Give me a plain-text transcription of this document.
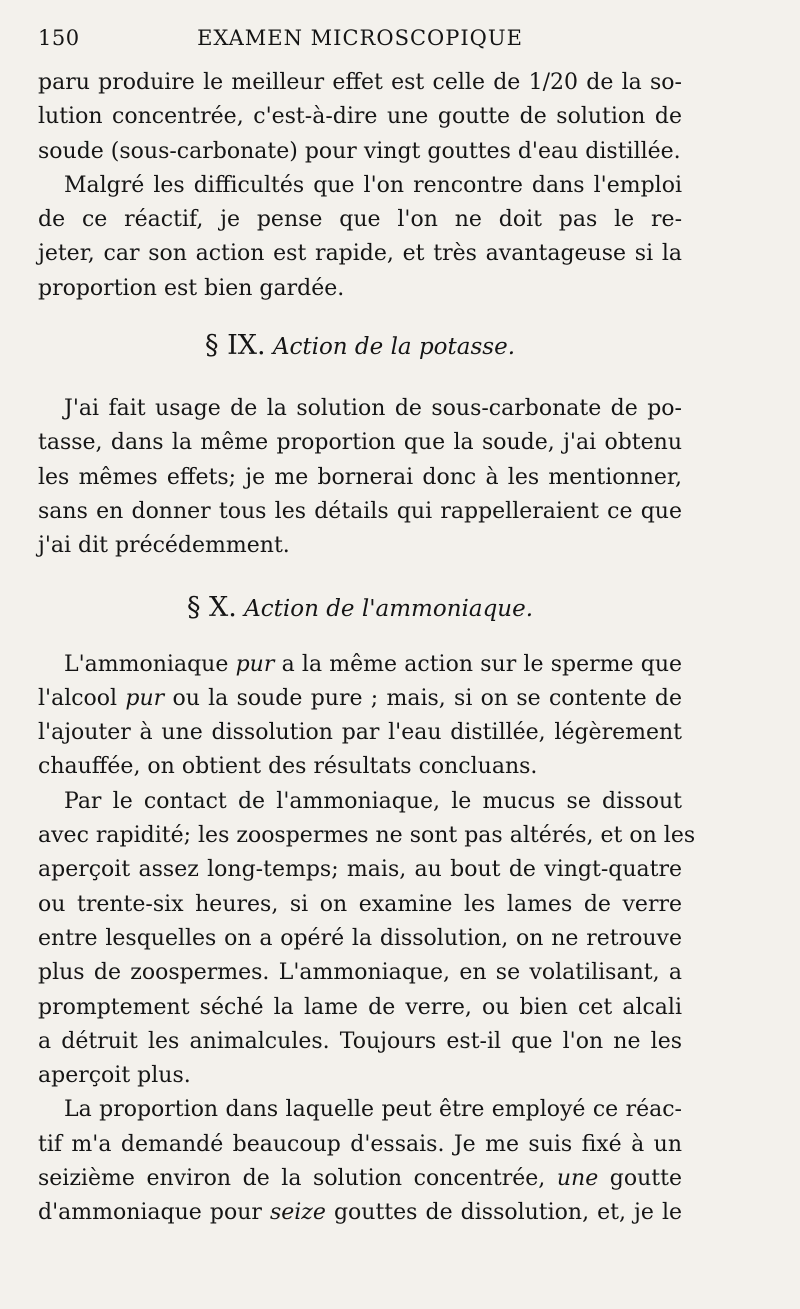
150	EXAMEN MICROSCOPIQUE

paru produire le meilleur effet est celle de 1/20 de la so-
lution concentrée, c'est-à-dire une goutte de solution de
soude (sous-carbonate) pour vingt gouttes d'eau distillée.

Malgré les difficultés que l'on rencontre dans l'emploi
de ce réactif, je pense que l'on ne doit pas le re-
jeter, car son action est rapide, et très avantageuse si la
proportion est bien gardée.

§ IX. Action de la potasse.

J'ai fait usage de la solution de sous-carbonate de po-
tasse, dans la même proportion que la soude, j'ai obtenu
les mêmes effets; je me bornerai donc à les mentionner,
sans en donner tous les détails qui rappelleraient ce que
j'ai dit précédemment.

§ X. Action de l'ammoniaque.

L'ammoniaque pur a la même action sur le sperme que
l'alcool pur ou la soude pure ; mais, si on se contente de
l'ajouter à une dissolution par l'eau distillée, légèrement
chauffée, on obtient des résultats concluans.

Par le contact de l'ammoniaque, le mucus se dissout
avec rapidité; les zoospermes ne sont pas altérés, et on les
aperçoit assez long-temps; mais, au bout de vingt-quatre
ou trente-six heures, si on examine les lames de verre
entre lesquelles on a opéré la dissolution, on ne retrouve
plus de zoospermes. L'ammoniaque, en se volatilisant, a
promptement séché la lame de verre, ou bien cet alcali
a détruit les animalcules. Toujours est-il que l'on ne les
aperçoit plus.

La proportion dans laquelle peut être employé ce réac-
tif m'a demandé beaucoup d'essais. Je me suis fixé à un
seizième environ de la solution concentrée, une goutte
d'ammoniaque pour seize gouttes de dissolution, et, je le
